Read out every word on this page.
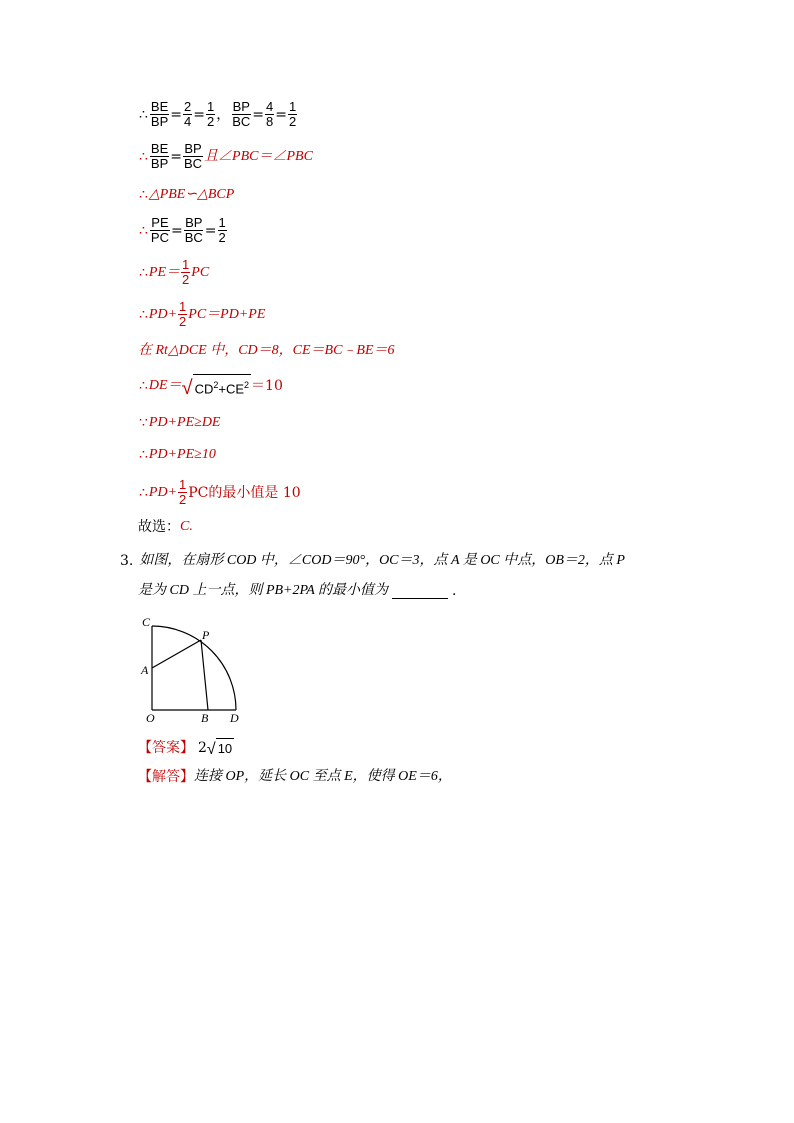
∴ $\frac{BE}{BP} = \frac{2}{4} = \frac{1}{2}$ ， $\frac{BP}{BC} = \frac{4}{8} = \frac{1}{2}$
∴ $\frac{BE}{BP} = \frac{BP}{BC}$ 且∠PBC＝∠PBC
∴ △PBE∽△BCP
∴ $\frac{PE}{PC} = \frac{BP}{BC} = \frac{1}{2}$
∴ $PE= \frac{1}{2}$ PC
∴ $PD+ \frac{1}{2} PC=PD+PE$
在 Rt△DCE 中，CD＝8，CE＝BC﹣BE＝6
∴ DE＝ √ $CD^2+CE^2 =10$
∵ PD+PE≥DE
∴ PD+PE≥10
∴ $PD+ \frac{1}{2}$ PC的最小值是 10
故选： C.
3. 如图，在扇形 COD 中，∠COD＝90°，OC＝3，点 A 是 OC 中点，OB＝2，点 P
是为 CD 上一点，则 PB+2PA 的最小值为	.
C
P
A
O	B D
【答案】 2 √ 10
【解答】 连接 OP，延长 OC 至点 E，使得 OE＝6，
